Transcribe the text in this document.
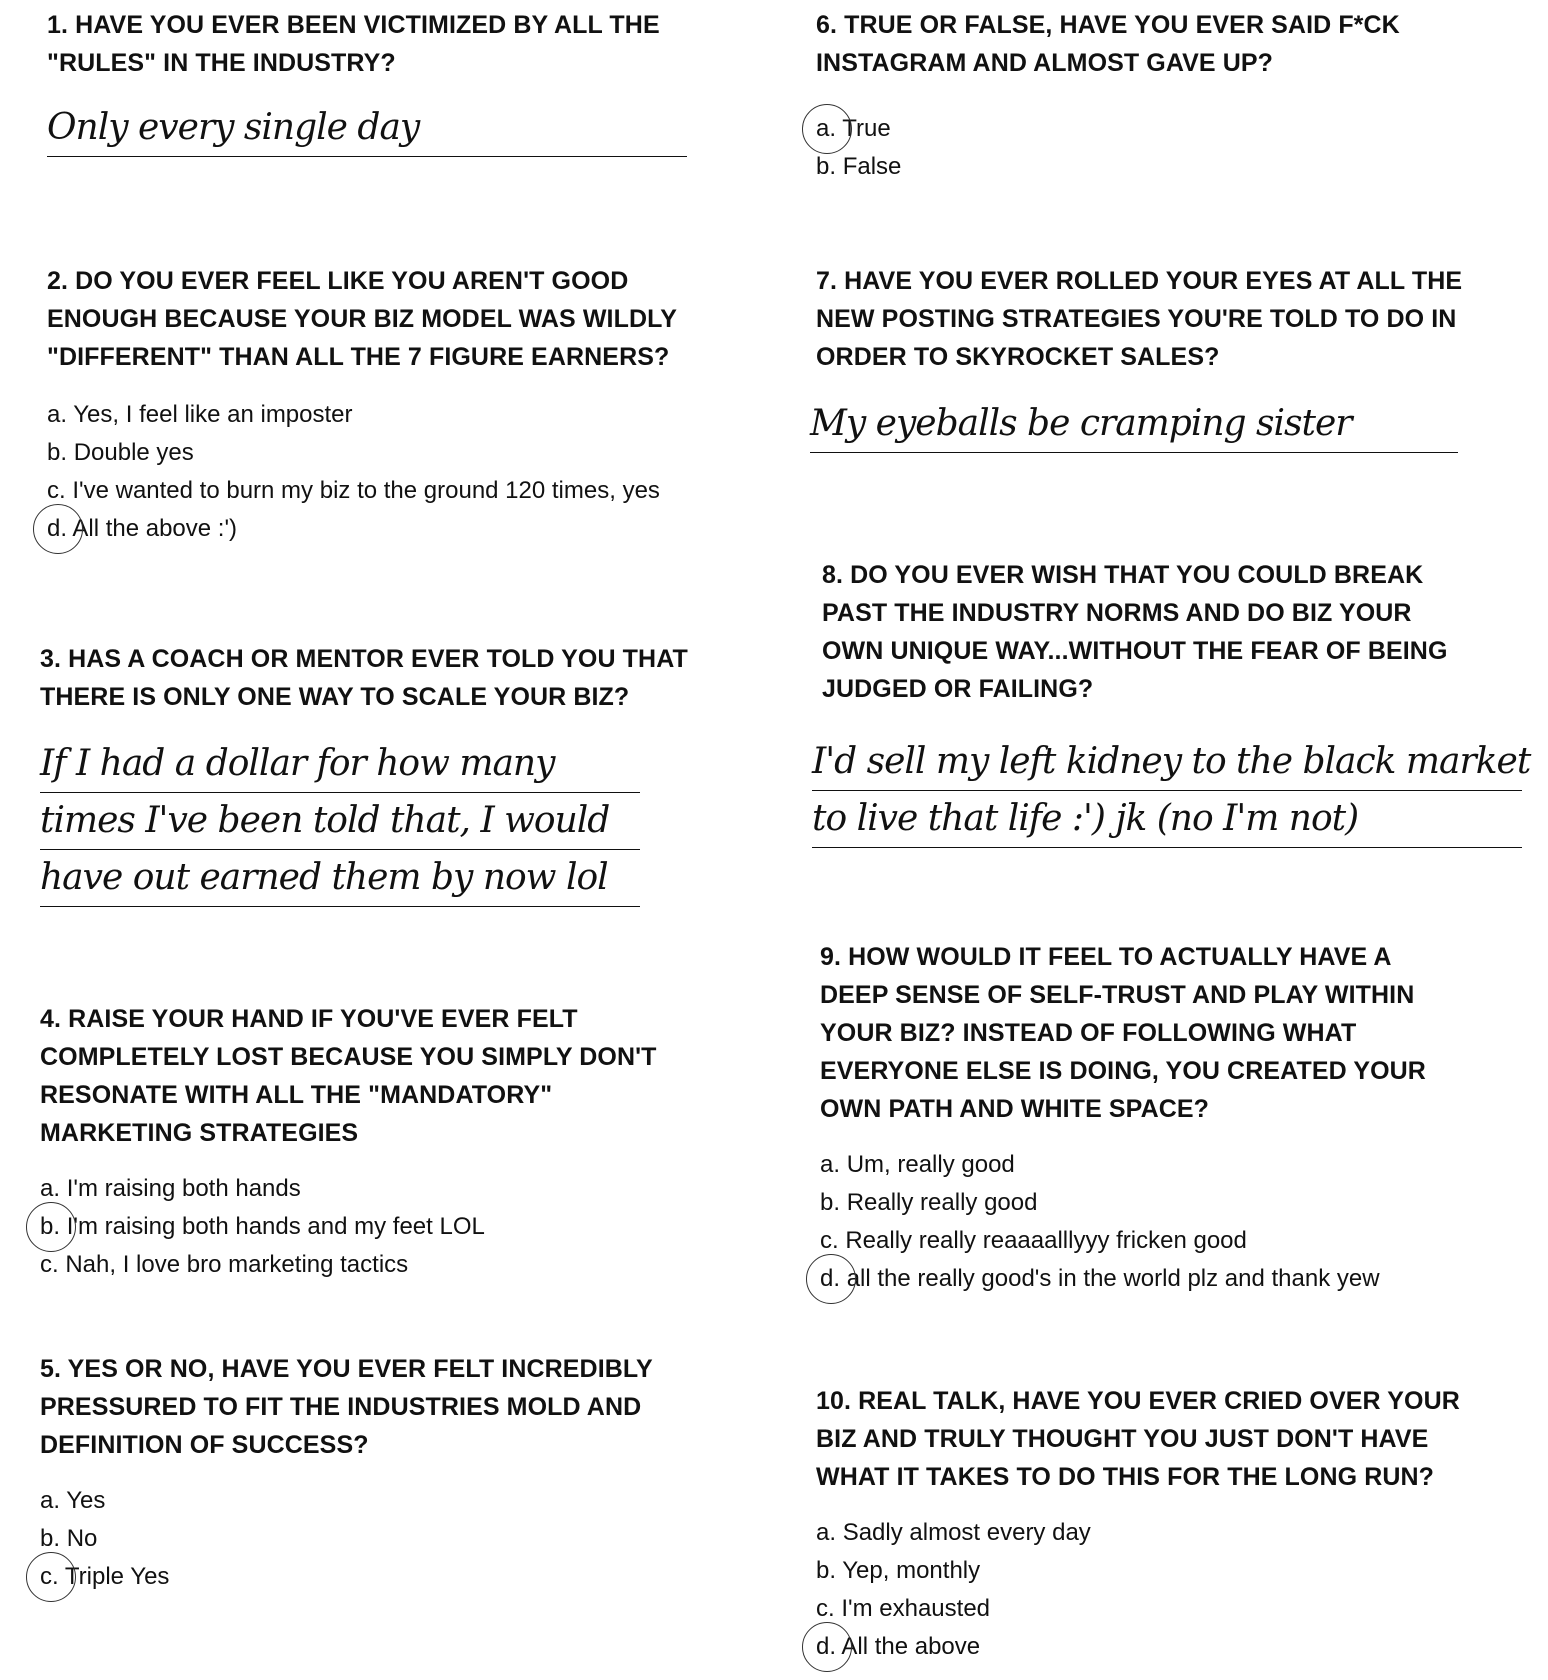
1. HAVE YOU EVER BEEN VICTIMIZED BY ALL THE "RULES" IN THE INDUSTRY?

Only every single day

2. DO YOU EVER FEEL LIKE YOU AREN'T GOOD ENOUGH BECAUSE YOUR BIZ MODEL WAS WILDLY "DIFFERENT" THAN ALL THE 7 FIGURE EARNERS?

a. Yes, I feel like an imposter
b. Double yes
c. I've wanted to burn my biz to the ground 120 times, yes
d. All the above :')

3. HAS A COACH OR MENTOR EVER TOLD YOU THAT THERE IS ONLY ONE WAY TO SCALE YOUR BIZ?

If I had a dollar for how many
times I've been told that, I would
have out earned them by now lol

4. RAISE YOUR HAND IF YOU'VE EVER FELT COMPLETELY LOST BECAUSE YOU SIMPLY DON'T RESONATE WITH ALL THE "MANDATORY" MARKETING STRATEGIES

a. I'm raising both hands
b. I'm raising both hands and my feet LOL
c. Nah, I love bro marketing tactics

5. YES OR NO, HAVE YOU EVER FELT INCREDIBLY PRESSURED TO FIT THE INDUSTRIES MOLD AND DEFINITION OF SUCCESS?

a. Yes
b. No
c. Triple Yes

6. TRUE OR FALSE, HAVE YOU EVER SAID F*CK INSTAGRAM AND ALMOST GAVE UP?

a. True
b. False

7. HAVE YOU EVER ROLLED YOUR EYES AT ALL THE NEW POSTING STRATEGIES YOU'RE TOLD TO DO IN ORDER TO SKYROCKET SALES?

My eyeballs be cramping sister

8. DO YOU EVER WISH THAT YOU COULD BREAK PAST THE INDUSTRY NORMS AND DO BIZ YOUR OWN UNIQUE WAY...WITHOUT THE FEAR OF BEING JUDGED OR FAILING?

I'd sell my left kidney to the black market
to live that life :') jk (no I'm not)

9. HOW WOULD IT FEEL TO ACTUALLY HAVE A DEEP SENSE OF SELF-TRUST AND PLAY WITHIN YOUR BIZ? INSTEAD OF FOLLOWING WHAT EVERYONE ELSE IS DOING, YOU CREATED YOUR OWN PATH AND WHITE SPACE?

a. Um, really good
b. Really really good
c. Really really reaaaalllyyy fricken good
d. all the really good's in the world plz and thank yew

10. REAL TALK, HAVE YOU EVER CRIED OVER YOUR BIZ AND TRULY THOUGHT YOU JUST DON'T HAVE WHAT IT TAKES TO DO THIS FOR THE LONG RUN?

a. Sadly almost every day
b. Yep, monthly
c. I'm exhausted
d. All the above
